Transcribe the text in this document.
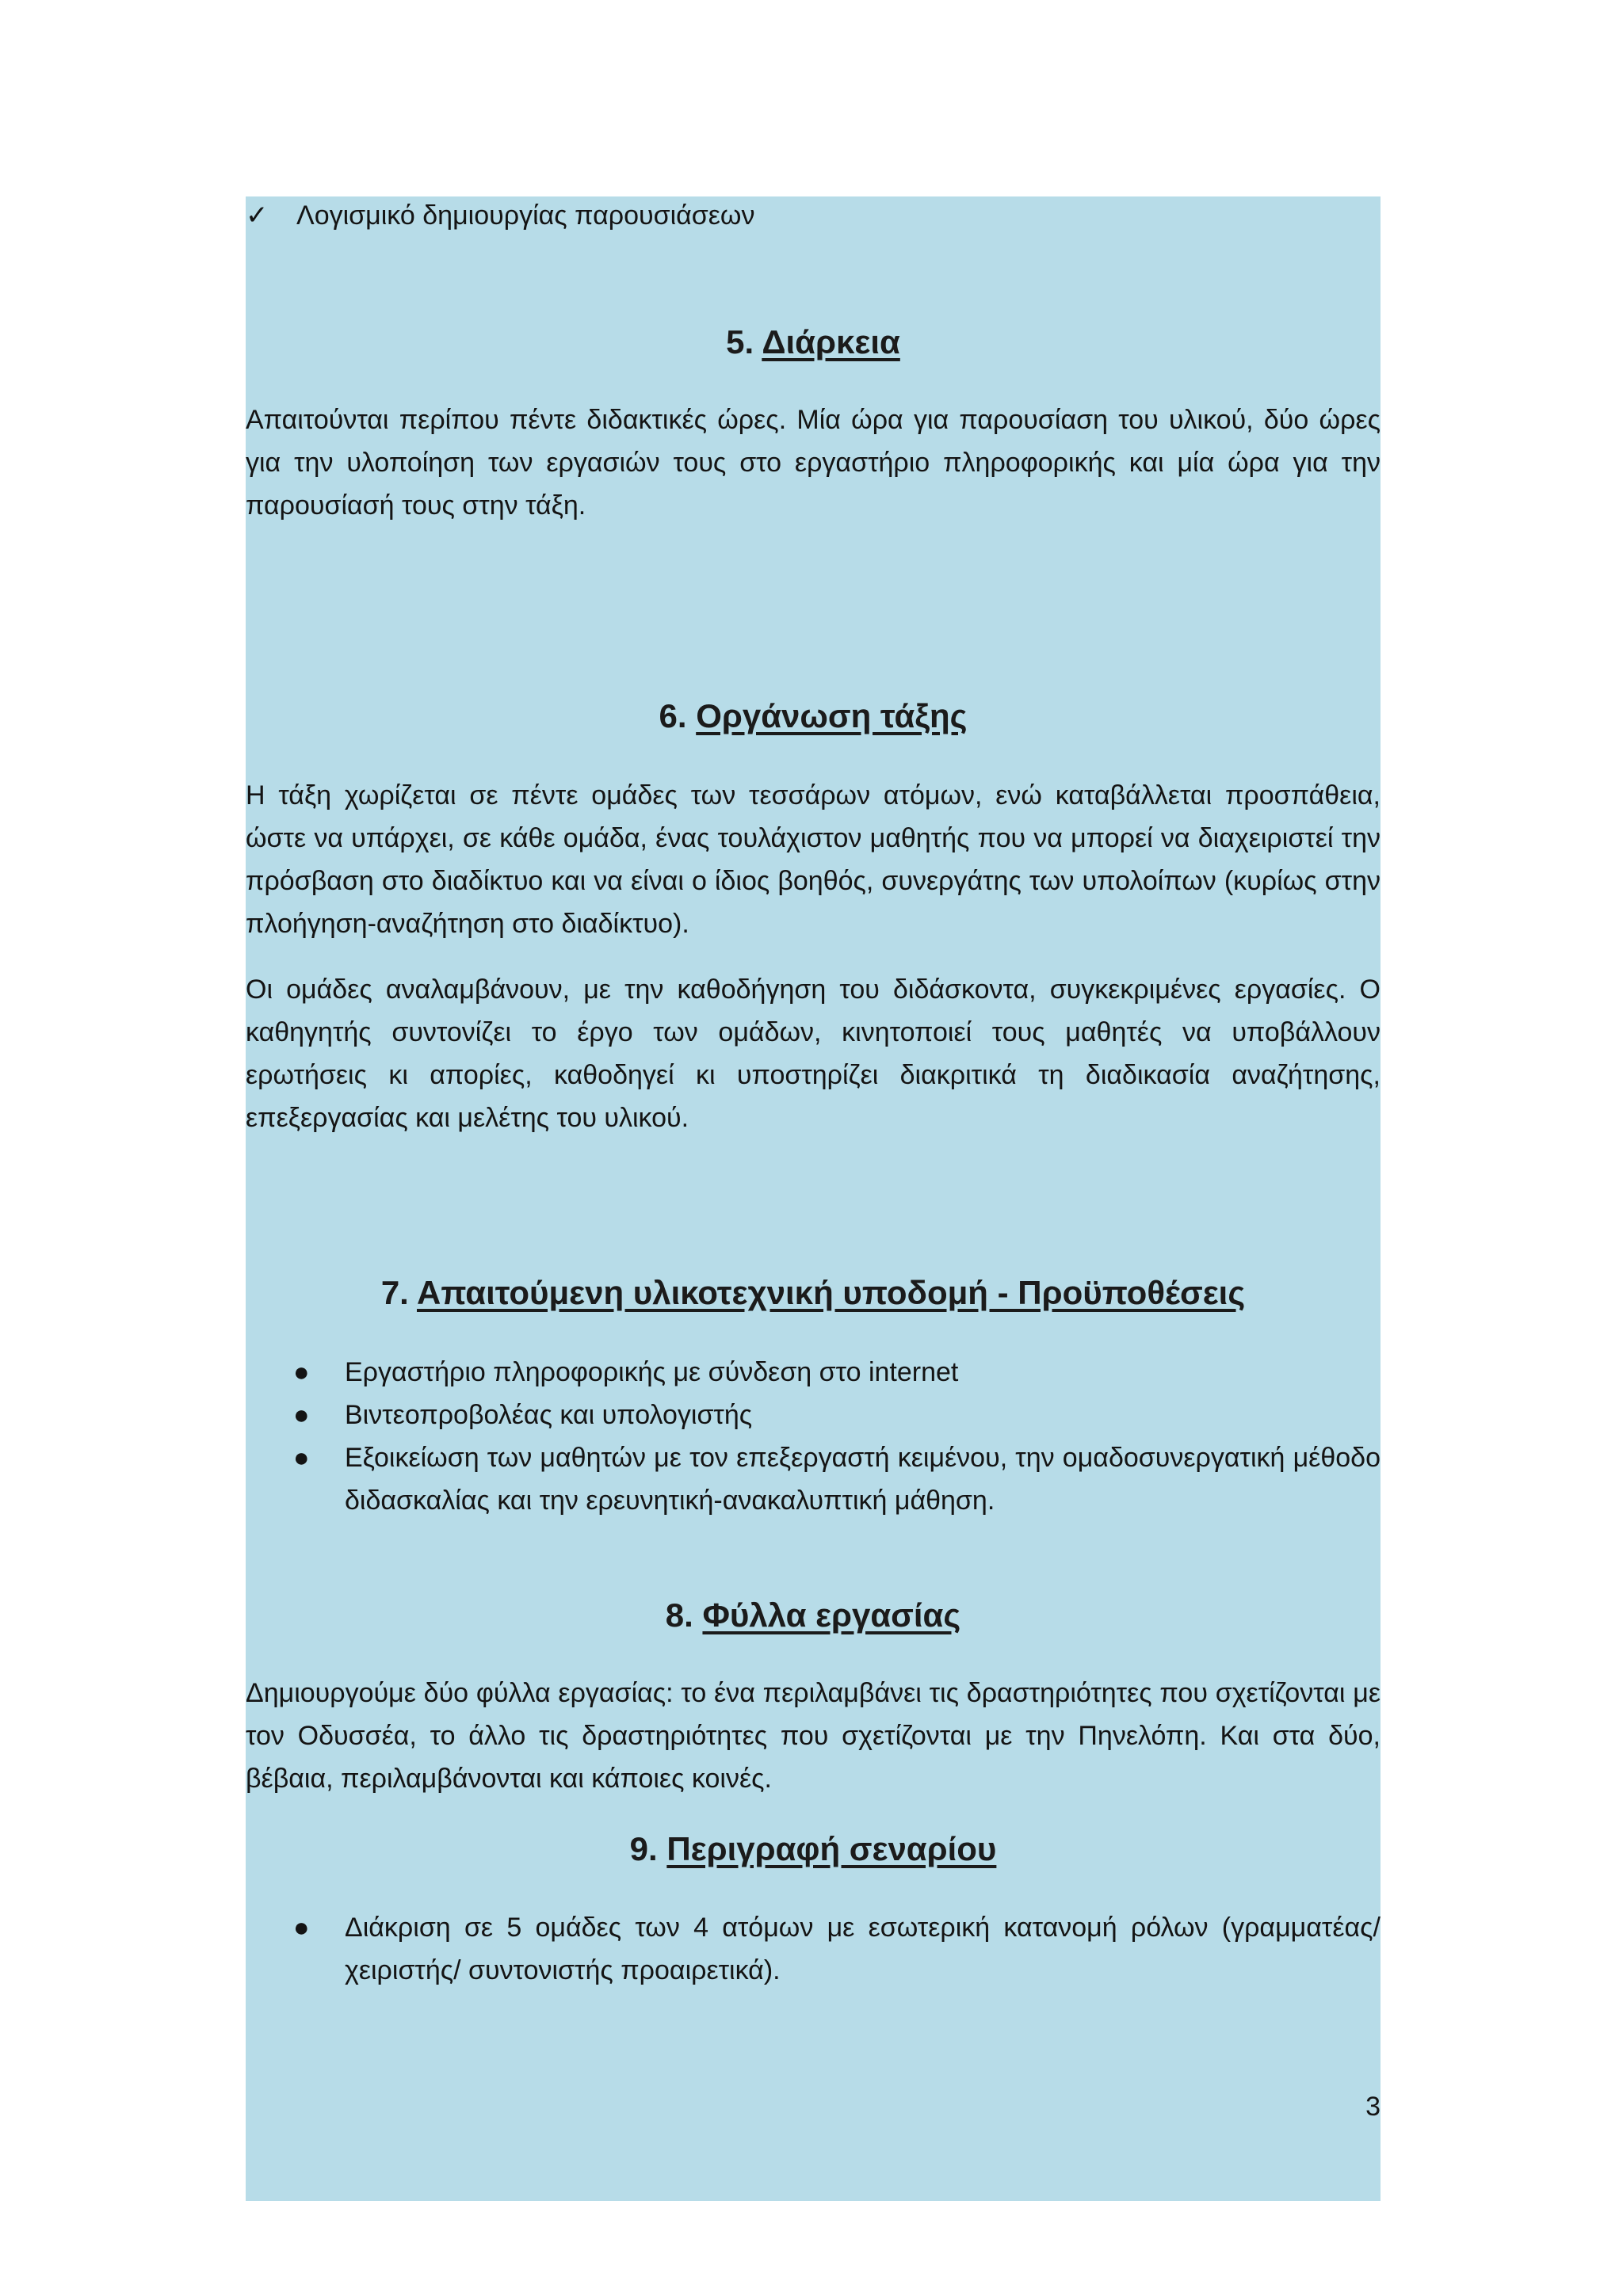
✓	Λογισμικό δημιουργίας παρουσιάσεων
5. Διάρκεια

Απαιτούνται περίπου πέντε διδακτικές ώρες. Μία ώρα για παρουσίαση του υλικού, δύο ώρες για την υλοποίηση των εργασιών τους στο εργαστήριο πληροφορικής και μία ώρα για την παρουσίασή τους στην τάξη.

6. Οργάνωση τάξης

Η τάξη χωρίζεται σε πέντε ομάδες των τεσσάρων ατόμων, ενώ καταβάλλεται προσπάθεια, ώστε να υπάρχει, σε κάθε ομάδα, ένας τουλάχιστον μαθητής που να μπορεί να διαχειριστεί την πρόσβαση στο διαδίκτυο και να είναι ο ίδιος βοηθός, συνεργάτης των υπολοίπων (κυρίως στην πλοήγηση-αναζήτηση στο διαδίκτυο).

Οι ομάδες αναλαμβάνουν, με την καθοδήγηση του διδάσκοντα, συγκεκριμένες εργασίες. Ο καθηγητής συντονίζει το έργο των ομάδων, κινητοποιεί τους μαθητές να υποβάλλουν ερωτήσεις κι απορίες, καθοδηγεί κι υποστηρίζει διακριτικά τη διαδικασία αναζήτησης, επεξεργασίας και μελέτης του υλικού.

7. Απαιτούμενη υλικοτεχνική υποδομή - Προϋποθέσεις
● Εργαστήριο πληροφορικής με σύνδεση στο internet
● Βιντεοπροβολέας και υπολογιστής
● Εξοικείωση των μαθητών με τον επεξεργαστή κειμένου, την ομαδοσυνεργατική μέθοδο διδασκαλίας και την ερευνητική-ανακαλυπτική μάθηση.
8. Φύλλα εργασίας

Δημιουργούμε δύο φύλλα εργασίας: το ένα περιλαμβάνει τις δραστηριότητες που σχετίζονται με τον Οδυσσέα, το άλλο τις δραστηριότητες που σχετίζονται με την Πηνελόπη. Και στα δύο, βέβαια, περιλαμβάνονται και κάποιες κοινές.

9. Περιγραφή σεναρίου
● Διάκριση σε 5 ομάδες των 4 ατόμων με εσωτερική κατανομή ρόλων (γραμματέας/ χειριστής/ συντονιστής προαιρετικά).
3
